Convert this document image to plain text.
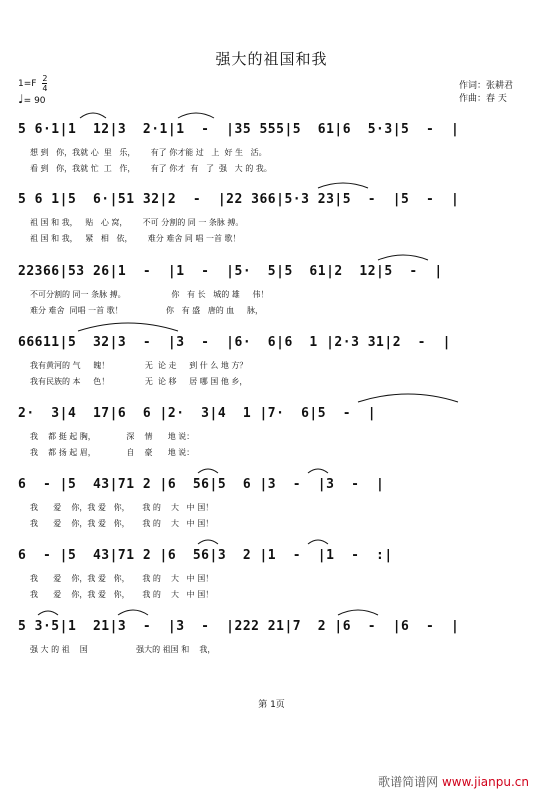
强大的祖国和我
$1=F \frac{2}{4}$
♩= 90
作词：张耕君
作曲：春 天
5 6·1|1  12|3  2·1|1  -  |35 555|5  61|6  5·3|5  -  |
想 到   你，我就 心  里   乐，      有了 你才能 过   上  好 生   活。
看 到   你，我就 忙  工   作，      有了 你才  有   了  强   大 的 我。
5 6 1|5  6·|51 32|2  -  |22 366|5·3 23|5  -  |5  -  |
祖 国 和 我，   贴   心 窝，      不可 分割的 同 一 条脉 搏。
祖 国 和 我，   紧   相   依，      难分 难舍 同 唱 一首 歌！
22366|53 26|1  -  |1  -  |5·  5|5  61|2  12|5  -  |
不可分割的 同一 条脉 搏。                  你   有 长   城的 雄     伟！
难分 难舍  同唱 一首 歌！                 你   有 盛   唐的 血     脉，
66611|5  32|3  -  |3  -  |6·  6|6  1 |2·3 31|2  -  |
我有黄河的 气     魄！              无  论 走     到 什 么 地 方？
我有民族的 本     色！              无  论 移     居 哪 国 他 乡，
2·  3|4  17|6  6 |2·  3|4  1 |7·  6|5  -  |
我    都 挺 起 胸，            深    情      地 说：
我    都 扬 起 眉，            自    豪      地 说：
6  - |5  43|71 2 |6  56|5  6 |3  -  |3  -  |
我      爱    你，我 爱   你，     我 的    大   中 国！
我      爱    你，我 爱   你，     我 的    大   中 国！
6  - |5  43|71 2 |6  56|3  2 |1  -  |1  -  :|
我      爱    你，我 爱   你，     我 的    大   中 国！
我      爱    你，我 爱   你，     我 的    大   中 国！
5 3·5|1  21|3  -  |3  -  |222 21|7  2 |6  -  |6  -  |
强 大 的 祖    国                   强大的 祖国 和    我，
第 1页
歌谱简谱网 www.jianpu.cn
